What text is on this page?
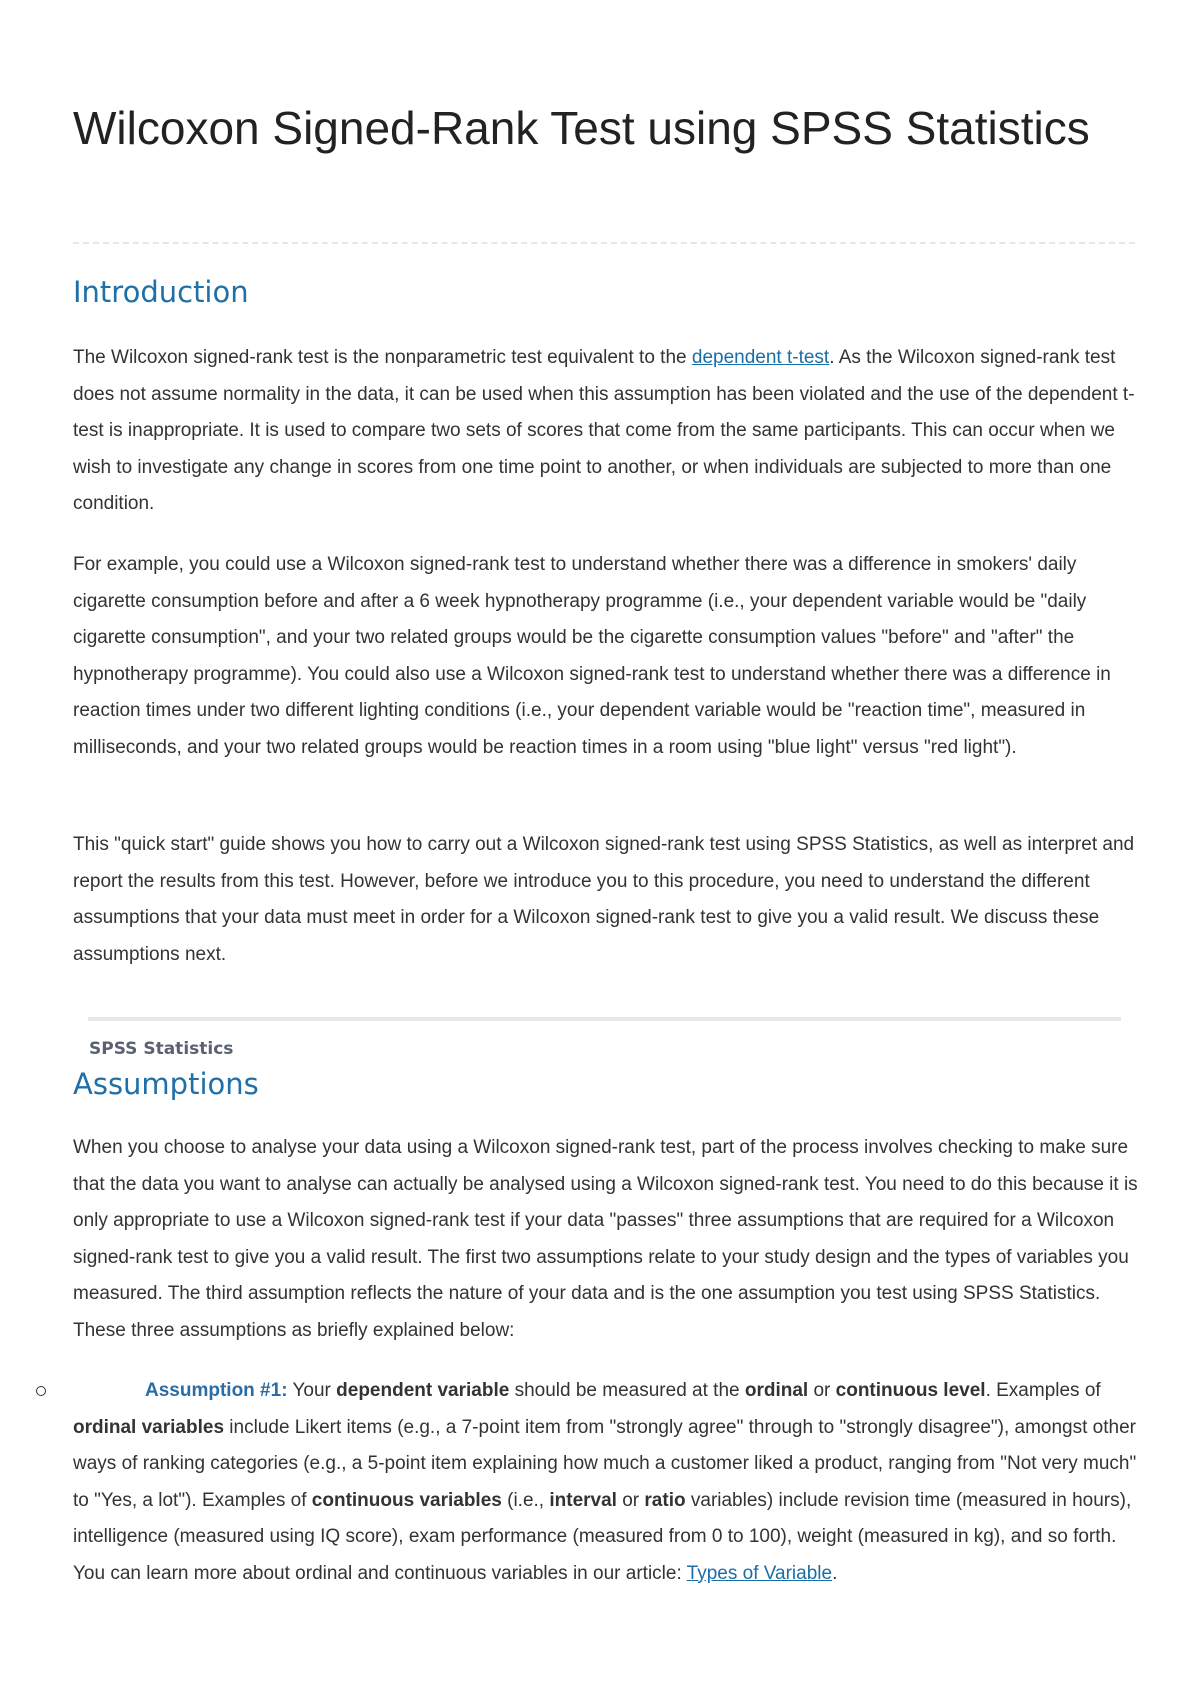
Wilcoxon Signed-Rank Test using SPSS Statistics
Introduction

The Wilcoxon signed-rank test is the nonparametric test equivalent to the dependent t-test. As the Wilcoxon signed-rank test does not assume normality in the data, it can be used when this assumption has been violated and the use of the dependent t-test is inappropriate. It is used to compare two sets of scores that come from the same participants. This can occur when we wish to investigate any change in scores from one time point to another, or when individuals are subjected to more than one condition.

For example, you could use a Wilcoxon signed-rank test to understand whether there was a difference in smokers' daily cigarette consumption before and after a 6 week hypnotherapy programme (i.e., your dependent variable would be "daily cigarette consumption", and your two related groups would be the cigarette consumption values "before" and "after" the hypnotherapy programme). You could also use a Wilcoxon signed-rank test to understand whether there was a difference in reaction times under two different lighting conditions (i.e., your dependent variable would be "reaction time", measured in milliseconds, and your two related groups would be reaction times in a room using "blue light" versus "red light").

This "quick start" guide shows you how to carry out a Wilcoxon signed-rank test using SPSS Statistics, as well as interpret and report the results from this test. However, before we introduce you to this procedure, you need to understand the different assumptions that your data must meet in order for a Wilcoxon signed-rank test to give you a valid result. We discuss these assumptions next.

SPSS Statistics

Assumptions

When you choose to analyse your data using a Wilcoxon signed-rank test, part of the process involves checking to make sure that the data you want to analyse can actually be analysed using a Wilcoxon signed-rank test. You need to do this because it is only appropriate to use a Wilcoxon signed-rank test if your data "passes" three assumptions that are required for a Wilcoxon signed-rank test to give you a valid result. The first two assumptions relate to your study design and the types of variables you measured. The third assumption reflects the nature of your data and is the one assumption you test using SPSS Statistics. These three assumptions as briefly explained below:

Assumption #1: Your dependent variable should be measured at the ordinal or continuous level. Examples of ordinal variables include Likert items (e.g., a 7-point item from "strongly agree" through to "strongly disagree"), amongst other ways of ranking categories (e.g., a 5-point item explaining how much a customer liked a product, ranging from "Not very much" to "Yes, a lot"). Examples of continuous variables (i.e., interval or ratio variables) include revision time (measured in hours), intelligence (measured using IQ score), exam performance (measured from 0 to 100), weight (measured in kg), and so forth. You can learn more about ordinal and continuous variables in our article: Types of Variable.
